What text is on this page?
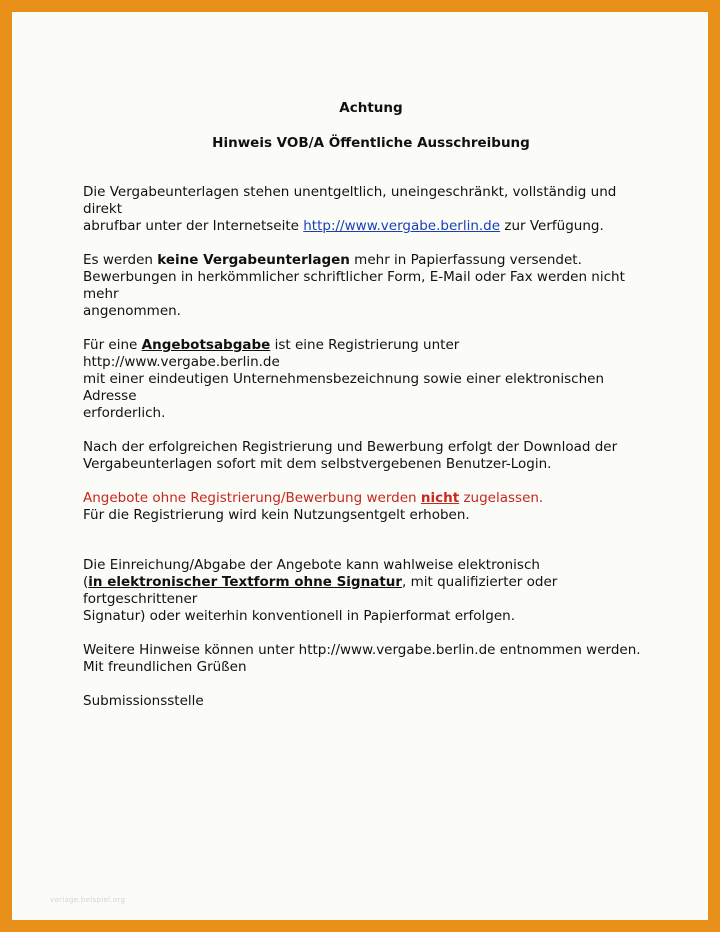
Achtung
Hinweis VOB/A Öffentliche Ausschreibung

Die Vergabeunterlagen stehen unentgeltlich, uneingeschränkt, vollständig und direkt
abrufbar unter der Internetseite http://www.vergabe.berlin.de zur Verfügung.

Es werden keine Vergabeunterlagen mehr in Papierfassung versendet.
Bewerbungen in herkömmlicher schriftlicher Form, E-Mail oder Fax werden nicht mehr
angenommen.

Für eine Angebotsabgabe ist eine Registrierung unter http://www.vergabe.berlin.de
mit einer eindeutigen Unternehmensbezeichnung sowie einer elektronischen Adresse
erforderlich.

Nach der erfolgreichen Registrierung und Bewerbung erfolgt der Download der
Vergabeunterlagen sofort mit dem selbstvergebenen Benutzer-Login.

Angebote ohne Registrierung/Bewerbung werden nicht zugelassen.
Für die Registrierung wird kein Nutzungsentgelt erhoben.

Die Einreichung/Abgabe der Angebote kann wahlweise elektronisch
(in elektronischer Textform ohne Signatur, mit qualifizierter oder fortgeschrittener
Signatur) oder weiterhin konventionell in Papierformat erfolgen.

Weitere Hinweise können unter http://www.vergabe.berlin.de entnommen werden.
Mit freundlichen Grüßen

Submissionsstelle

vorlage.beispiel.org
